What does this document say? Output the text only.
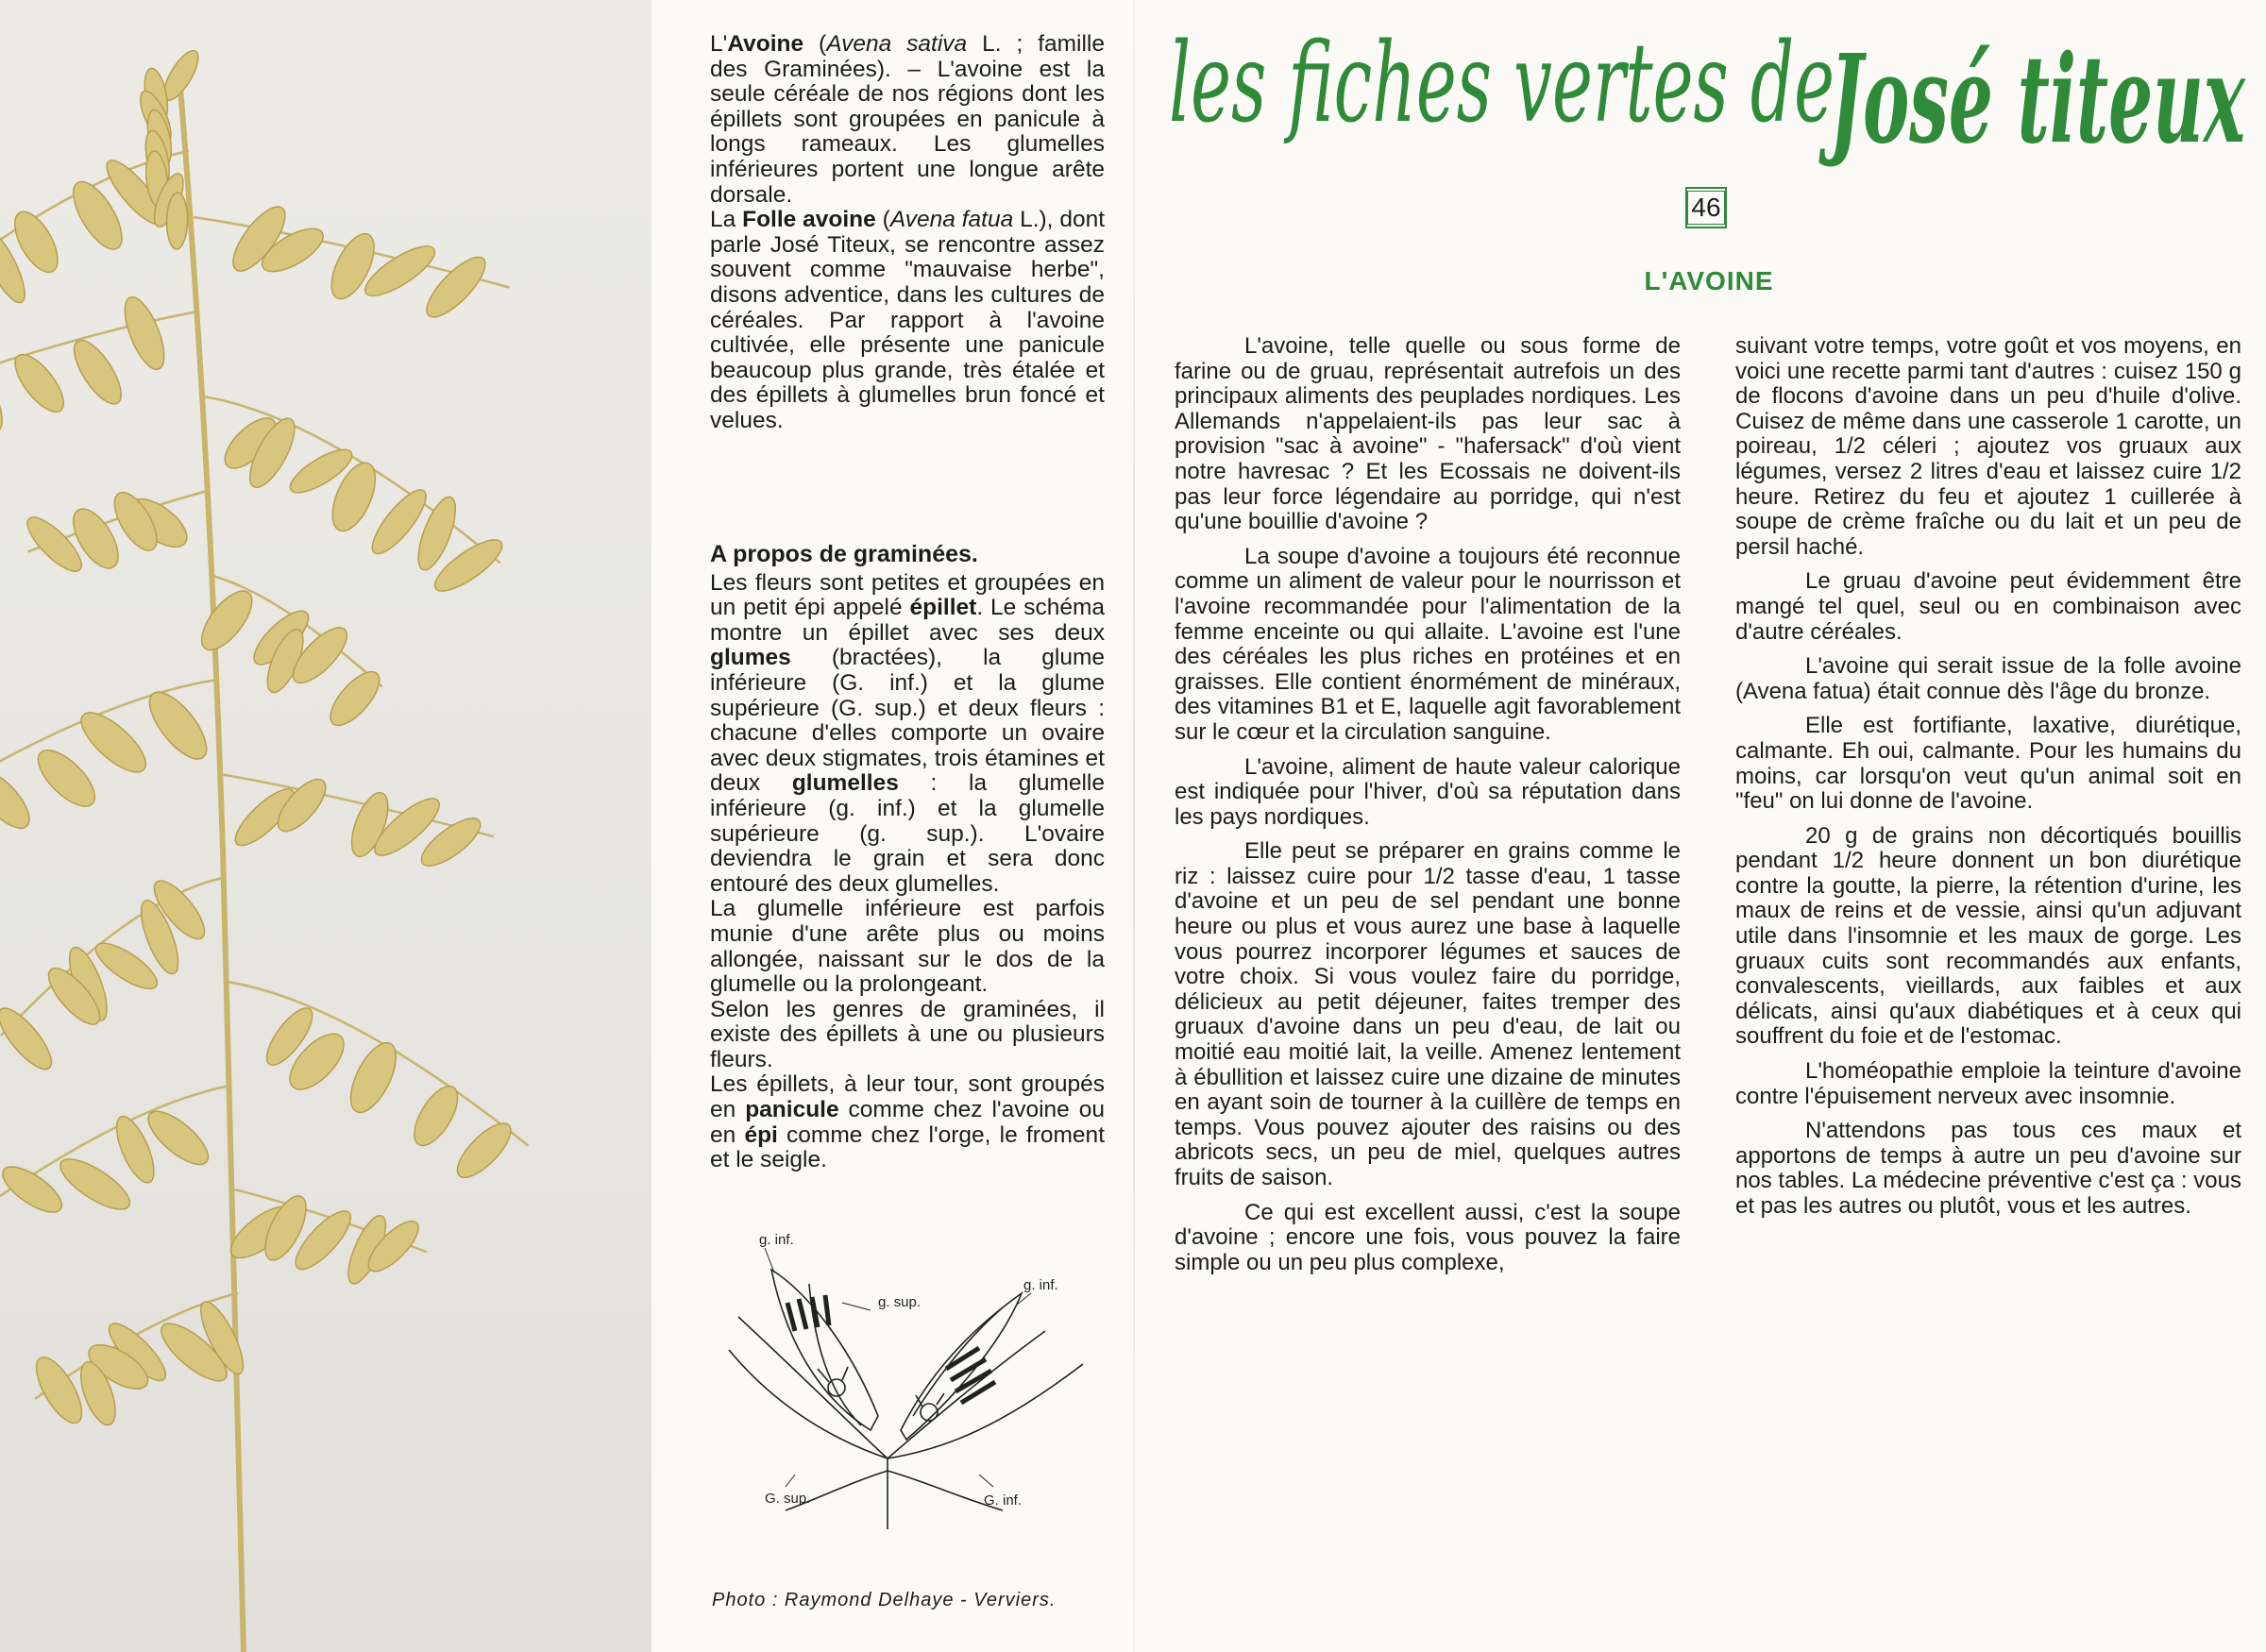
L'Avoine (Avena sativa L. ; famille des Graminées). – L'avoine est la seule céréale de nos régions dont les épillets sont groupées en panicule à longs rameaux. Les glumelles inférieures portent une longue arête dorsale.

La Folle avoine (Avena fatua L.), dont parle José Titeux, se rencontre assez souvent comme "mauvaise herbe", disons adventice, dans les cultures de céréales. Par rapport à l'avoine cultivée, elle présente une panicule beaucoup plus grande, très étalée et des épillets à glumelles brun foncé et velues.

A propos de graminées.

Les fleurs sont petites et groupées en un petit épi appelé épillet. Le schéma montre un épillet avec ses deux glumes (bractées), la glume inférieure (G. inf.) et la glume supérieure (G. sup.) et deux fleurs : chacune d'elles comporte un ovaire avec deux stigmates, trois étamines et deux glumelles : la glumelle inférieure (g. inf.) et la glumelle supérieure (g. sup.). L'ovaire deviendra le grain et sera donc entouré des deux glumelles.

La glumelle inférieure est parfois munie d'une arête plus ou moins allongée, naissant sur le dos de la glumelle ou la prolongeant.

Selon les genres de graminées, il existe des épillets à une ou plusieurs fleurs.

Les épillets, à leur tour, sont groupés en panicule comme chez l'avoine ou en épi comme chez l'orge, le froment et le seigle.

g. inf.
g. sup.
g. inf.
G. sup.	G. inf.
Photo : Raymond Delhaye - Verviers.
les fiches vertes de
José titeux
46
L'AVOINE

L'avoine, telle quelle ou sous forme de farine ou de gruau, représentait autrefois un des principaux aliments des peuplades nordiques. Les Allemands n'appelaient-ils pas leur sac à provision "sac à avoine" - "hafersack" d'où vient notre havresac ? Et les Ecossais ne doivent-ils pas leur force légendaire au porridge, qui n'est qu'une bouillie d'avoine ?

La soupe d'avoine a toujours été reconnue comme un aliment de valeur pour le nourrisson et l'avoine recommandée pour l'alimentation de la femme enceinte ou qui allaite. L'avoine est l'une des céréales les plus riches en protéines et en graisses. Elle contient énormément de minéraux, des vitamines B1 et E, laquelle agit favorablement sur le cœur et la circulation sanguine.

L'avoine, aliment de haute valeur calorique est indiquée pour l'hiver, d'où sa réputation dans les pays nordiques.

Elle peut se préparer en grains comme le riz : laissez cuire pour 1/2 tasse d'eau, 1 tasse d'avoine et un peu de sel pendant une bonne heure ou plus et vous aurez une base à laquelle vous pourrez incorporer légumes et sauces de votre choix. Si vous voulez faire du porridge, délicieux au petit déjeuner, faites tremper des gruaux d'avoine dans un peu d'eau, de lait ou moitié eau moitié lait, la veille. Amenez lentement à ébullition et laissez cuire une dizaine de minutes en ayant soin de tourner à la cuillère de temps en temps. Vous pouvez ajouter des raisins ou des abricots secs, un peu de miel, quelques autres fruits de saison.

Ce qui est excellent aussi, c'est la soupe d'avoine ; encore une fois, vous pouvez la faire simple ou un peu plus complexe,

suivant votre temps, votre goût et vos moyens, en voici une recette parmi tant d'autres : cuisez 150 g de flocons d'avoine dans un peu d'huile d'olive. Cuisez de même dans une casserole 1 carotte, un poireau, 1/2 céleri ; ajoutez vos gruaux aux légumes, versez 2 litres d'eau et laissez cuire 1/2 heure. Retirez du feu et ajoutez 1 cuillerée à soupe de crème fraîche ou du lait et un peu de persil haché.

Le gruau d'avoine peut évidemment être mangé tel quel, seul ou en combinaison avec d'autre céréales.

L'avoine qui serait issue de la folle avoine (Avena fatua) était connue dès l'âge du bronze.

Elle est fortifiante, laxative, diurétique, calmante. Eh oui, calmante. Pour les humains du moins, car lorsqu'on veut qu'un animal soit en "feu" on lui donne de l'avoine.

20 g de grains non décortiqués bouillis pendant 1/2 heure donnent un bon diurétique contre la goutte, la pierre, la rétention d'urine, les maux de reins et de vessie, ainsi qu'un adjuvant utile dans l'insomnie et les maux de gorge. Les gruaux cuits sont recommandés aux enfants, convalescents, vieillards, aux faibles et aux délicats, ainsi qu'aux diabétiques et à ceux qui souffrent du foie et de l'estomac.

L'homéopathie emploie la teinture d'avoine contre l'épuisement nerveux avec insomnie.

N'attendons pas tous ces maux et apportons de temps à autre un peu d'avoine sur nos tables. La médecine préventive c'est ça : vous et pas les autres ou plutôt, vous et les autres.
